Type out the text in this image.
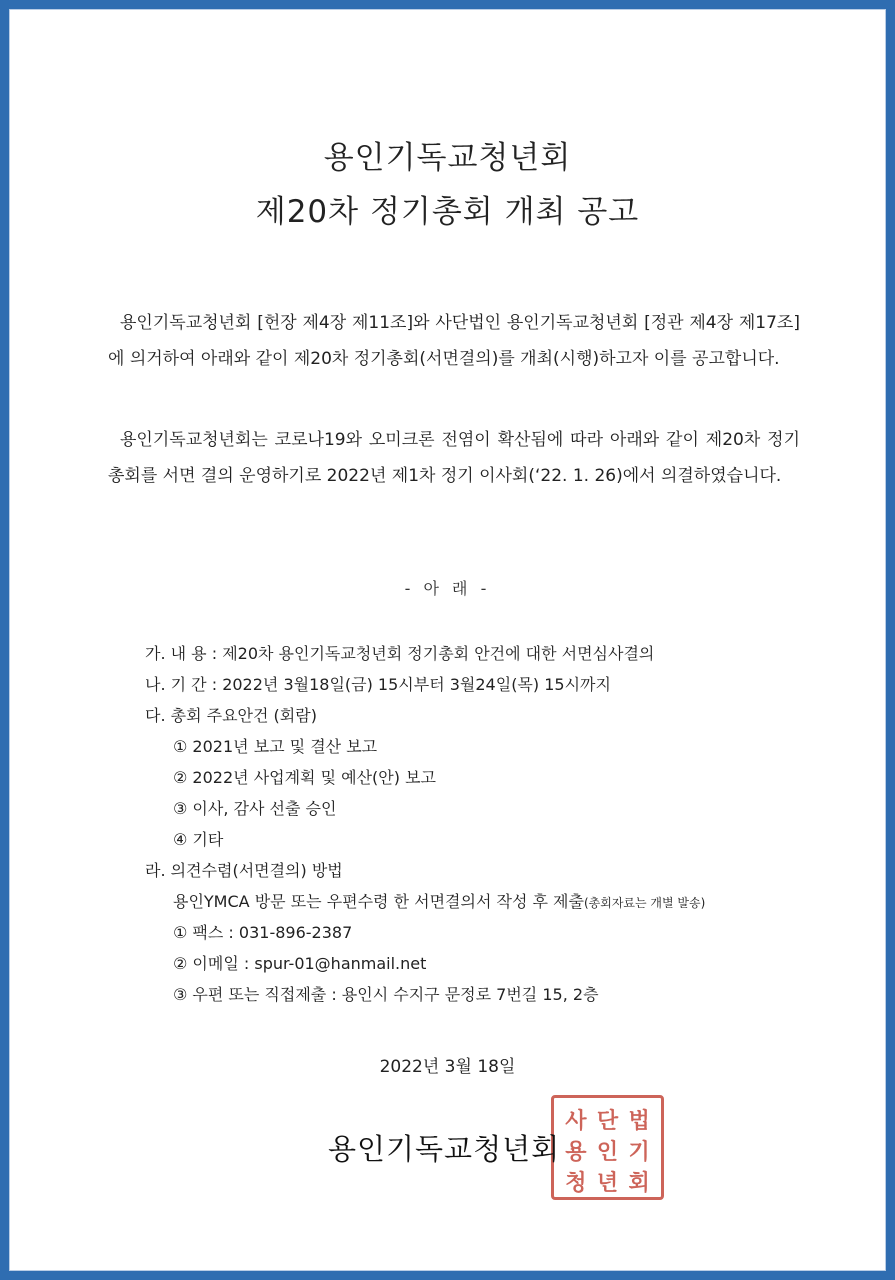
용인기독교청년회
제20차 정기총회 개최 공고

용인기독교청년회 [헌장 제4장 제11조]와 사단법인 용인기독교청년회 [정관 제4장 제17조]에 의거하여 아래와 같이 제20차 정기총회(서면결의)를 개최(시행)하고자 이를 공고합니다.

용인기독교청년회는 코로나19와 오미크론 전염이 확산됨에 따라 아래와 같이 제20차 정기총회를 서면 결의 운영하기로 2022년 제1차 정기 이사회(‘22. 1. 26)에서 의결하였습니다.

- 아 래 -
가. 내 용 : 제20차 용인기독교청년회 정기총회 안건에 대한 서면심사결의
나. 기 간 : 2022년 3월18일(금) 15시부터 3월24일(목) 15시까지
다. 총회 주요안건 (회람)
① 2021년 보고 및 결산 보고
② 2022년 사업계획 및 예산(안) 보고
③ 이사, 감사 선출 승인
④ 기타
라. 의견수렴(서면결의) 방법
용인YMCA 방문 또는 우편수령 한 서면결의서 작성 후 제출(총회자료는 개별 발송)
① 팩스 : 031-896-2387
② 이메일 : spur-01@hanmail.net
③ 우편 또는 직접제출 : 용인시 수지구 문정로 7번길 15, 2층
2022년 3월 18일
사 단 법
용 인 기
청 년 회
용인기독교청년회
